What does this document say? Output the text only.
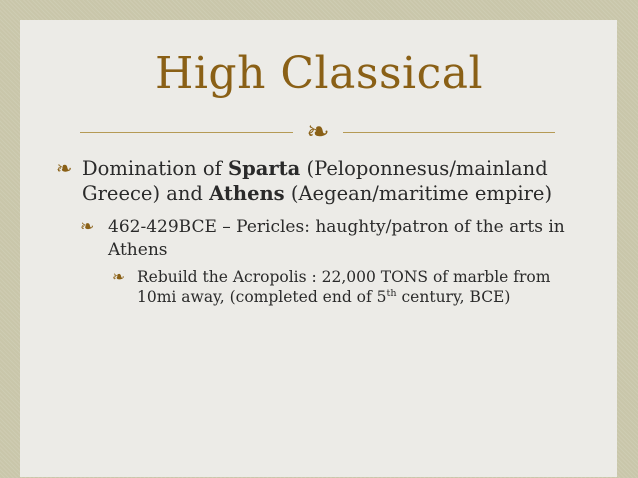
High Classical
❧
❧ Domination of Sparta (Peloponnesus/mainland Greece) and Athens (Aegean/maritime empire)
❧ 462-429BCE – Pericles: haughty/patron of the arts in Athens
❧ Rebuild the Acropolis : 22,000 TONS of marble from 10mi away, (completed end of 5th century, BCE)
